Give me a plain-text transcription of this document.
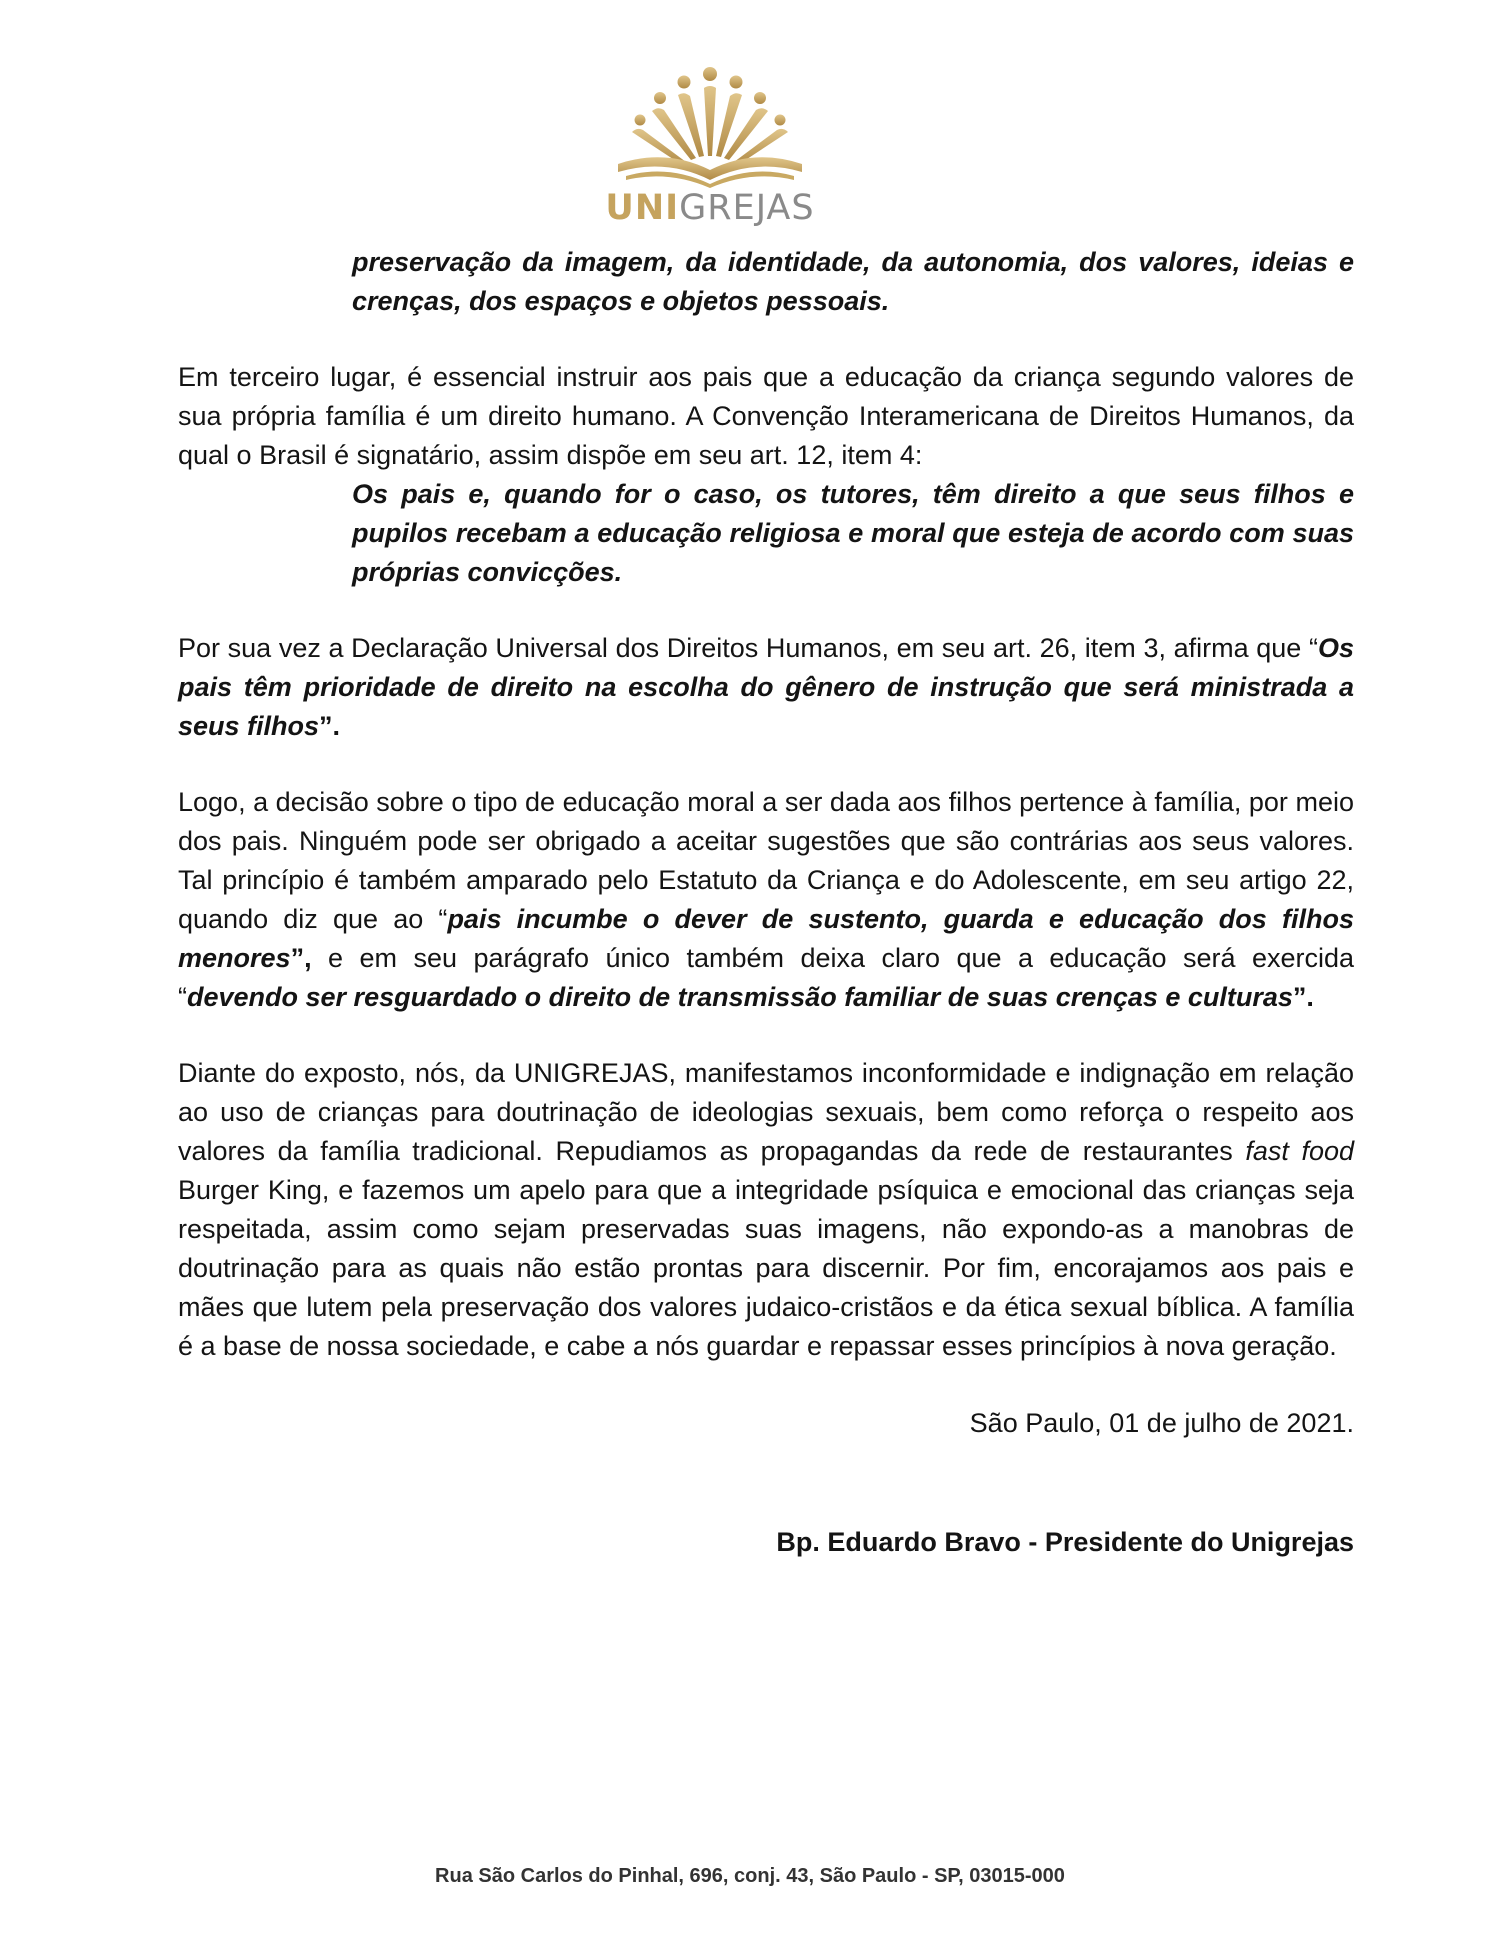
UNIGREJAS

preservação da imagem, da identidade, da autonomia, dos valores, ideias e crenças, dos espaços e objetos pessoais.

Em terceiro lugar, é essencial instruir aos pais que a educação da criança segundo valores de sua própria família é um direito humano. A Convenção Interamericana de Direitos Humanos, da qual o Brasil é signatário, assim dispõe em seu art. 12, item 4:

Os pais e, quando for o caso, os tutores, têm direito a que seus filhos e pupilos recebam a educação religiosa e moral que esteja de acordo com suas próprias convicções.

Por sua vez a Declaração Universal dos Direitos Humanos, em seu art. 26, item 3, afirma que “Os pais têm prioridade de direito na escolha do gênero de instrução que será ministrada a seus filhos”.

Logo, a decisão sobre o tipo de educação moral a ser dada aos filhos pertence à família, por meio dos pais. Ninguém pode ser obrigado a aceitar sugestões que são contrárias aos seus valores. Tal princípio é também amparado pelo Estatuto da Criança e do Adolescente, em seu artigo 22, quando diz que ao “pais incumbe o dever de sustento, guarda e educação dos filhos menores”, e em seu parágrafo único também deixa claro que a educação será exercida “devendo ser resguardado o direito de transmissão familiar de suas crenças e culturas”.

Diante do exposto, nós, da UNIGREJAS, manifestamos inconformidade e indignação em relação ao uso de crianças para doutrinação de ideologias sexuais, bem como reforça o respeito aos valores da família tradicional. Repudiamos as propagandas da rede de restaurantes fast food Burger King, e fazemos um apelo para que a integridade psíquica e emocional das crianças seja respeitada, assim como sejam preservadas suas imagens, não expondo-as a manobras de doutrinação para as quais não estão prontas para discernir. Por fim, encorajamos aos pais e mães que lutem pela preservação dos valores judaico-cristãos e da ética sexual bíblica. A família é a base de nossa sociedade, e cabe a nós guardar e repassar esses princípios à nova geração.

São Paulo, 01 de julho de 2021.

Bp. Eduardo Bravo - Presidente do Unigrejas

Rua São Carlos do Pinhal, 696, conj. 43, São Paulo - SP, 03015-000
